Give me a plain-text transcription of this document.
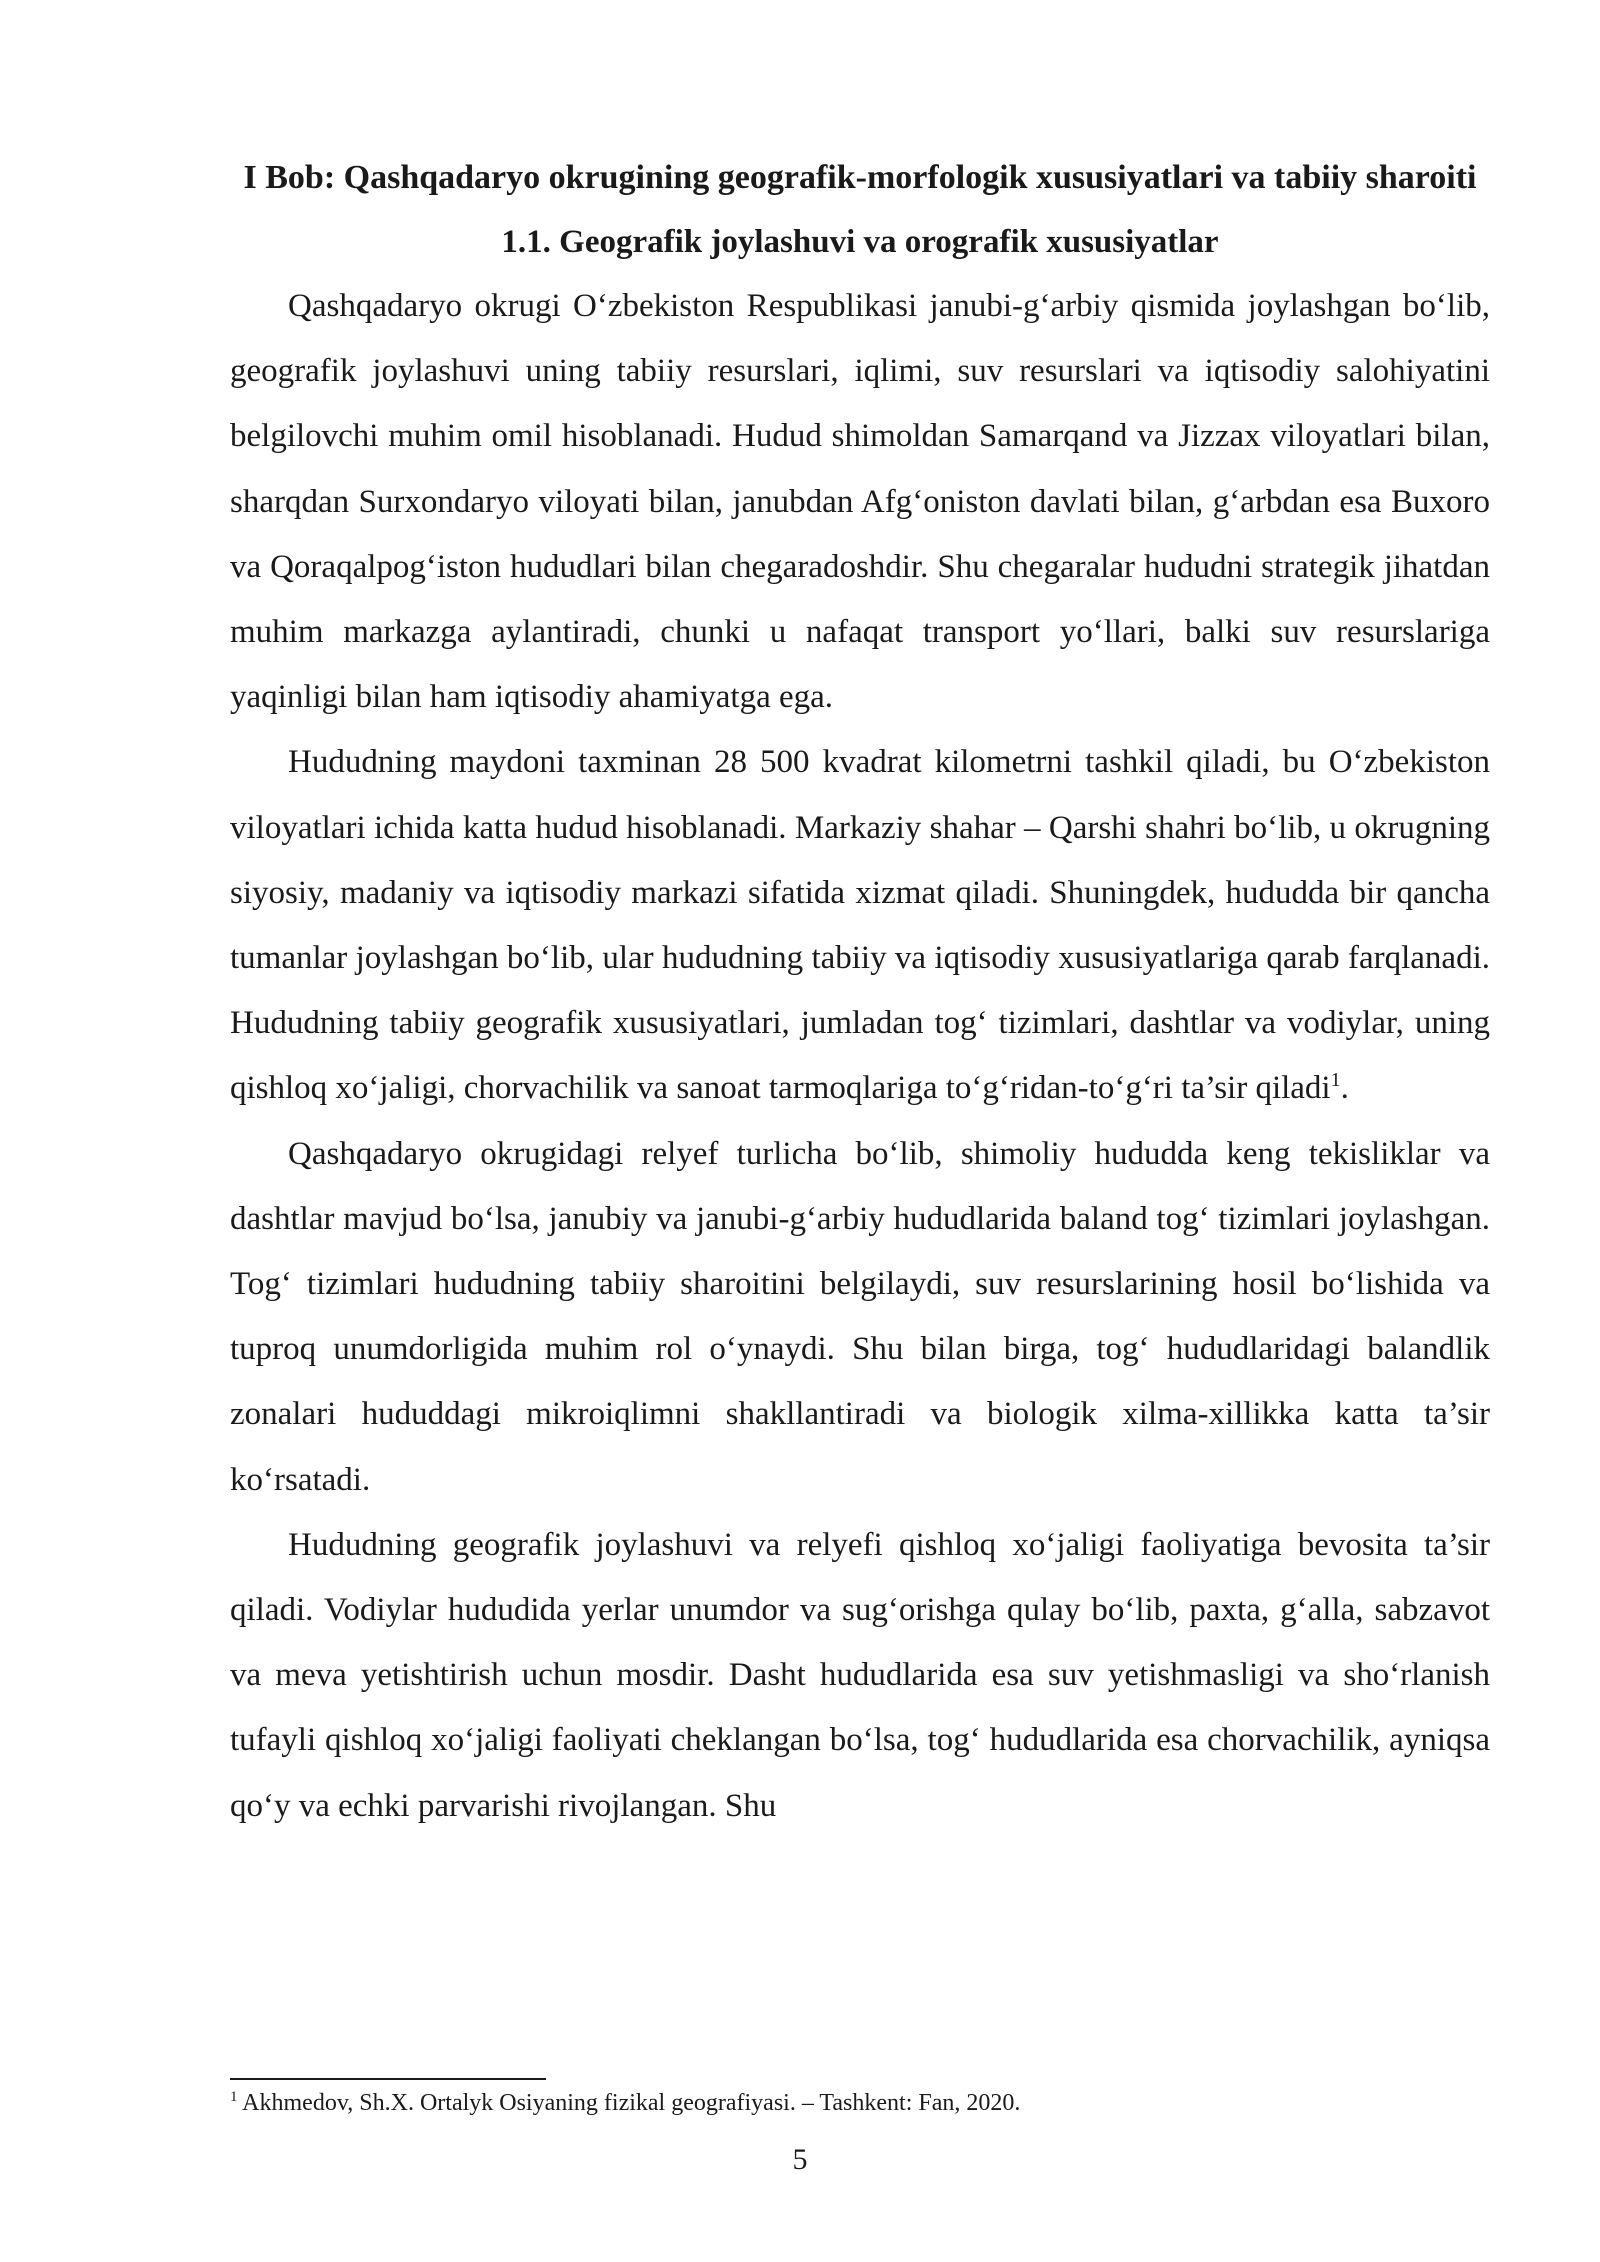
I Bob: Qashqadaryo okrugining geografik-morfologik xususiyatlari va tabiiy sharoiti
1.1. Geografik joylashuvi va orografik xususiyatlar

Qashqadaryo okrugi O‘zbekiston Respublikasi janubi-g‘arbiy qismida joylashgan bo‘lib, geografik joylashuvi uning tabiiy resurslari, iqlimi, suv resurslari va iqtisodiy salohiyatini belgilovchi muhim omil hisoblanadi. Hudud shimoldan Samarqand va Jizzax viloyatlari bilan, sharqdan Surxondaryo viloyati bilan, janubdan Afg‘oniston davlati bilan, g‘arbdan esa Buxoro va Qoraqalpog‘iston hududlari bilan chegaradoshdir. Shu chegaralar hududni strategik jihatdan muhim markazga aylantiradi, chunki u nafaqat transport yo‘llari, balki suv resurslariga yaqinligi bilan ham iqtisodiy ahamiyatga ega.

Hududning maydoni taxminan 28 500 kvadrat kilometrni tashkil qiladi, bu O‘zbekiston viloyatlari ichida katta hudud hisoblanadi. Markaziy shahar – Qarshi shahri bo‘lib, u okrugning siyosiy, madaniy va iqtisodiy markazi sifatida xizmat qiladi. Shuningdek, hududda bir qancha tumanlar joylashgan bo‘lib, ular hududning tabiiy va iqtisodiy xususiyatlariga qarab farqlanadi. Hududning tabiiy geografik xususiyatlari, jumladan tog‘ tizimlari, dashtlar va vodiylar, uning qishloq xo‘jaligi, chorvachilik va sanoat tarmoqlariga to‘g‘ridan-to‘g‘ri ta’sir qiladi$^1$.

Qashqadaryo okrugidagi relyef turlicha bo‘lib, shimoliy hududda keng tekisliklar va dashtlar mavjud bo‘lsa, janubiy va janubi-g‘arbiy hududlarida baland tog‘ tizimlari joylashgan. Tog‘ tizimlari hududning tabiiy sharoitini belgilaydi, suv resurslarining hosil bo‘lishida va tuproq unumdorligida muhim rol o‘ynaydi. Shu bilan birga, tog‘ hududlaridagi balandlik zonalari hududdagi mikroiqlimni shakllantiradi va biologik xilma-xillikka katta ta’sir ko‘rsatadi.

Hududning geografik joylashuvi va relyefi qishloq xo‘jaligi faoliyatiga bevosita ta’sir qiladi. Vodiylar hududida yerlar unumdor va sug‘orishga qulay bo‘lib, paxta, g‘alla, sabzavot va meva yetishtirish uchun mosdir. Dasht hududlarida esa suv yetishmasligi va sho‘rlanish tufayli qishloq xo‘jaligi faoliyati cheklangan bo‘lsa, tog‘ hududlarida esa chorvachilik, ayniqsa qo‘y va echki parvarishi rivojlangan. Shu

$^1$ Akhmedov, Sh.X. Ortalyk Osiyaning fizikal geografiyasi. – Tashkent: Fan, 2020.

5
